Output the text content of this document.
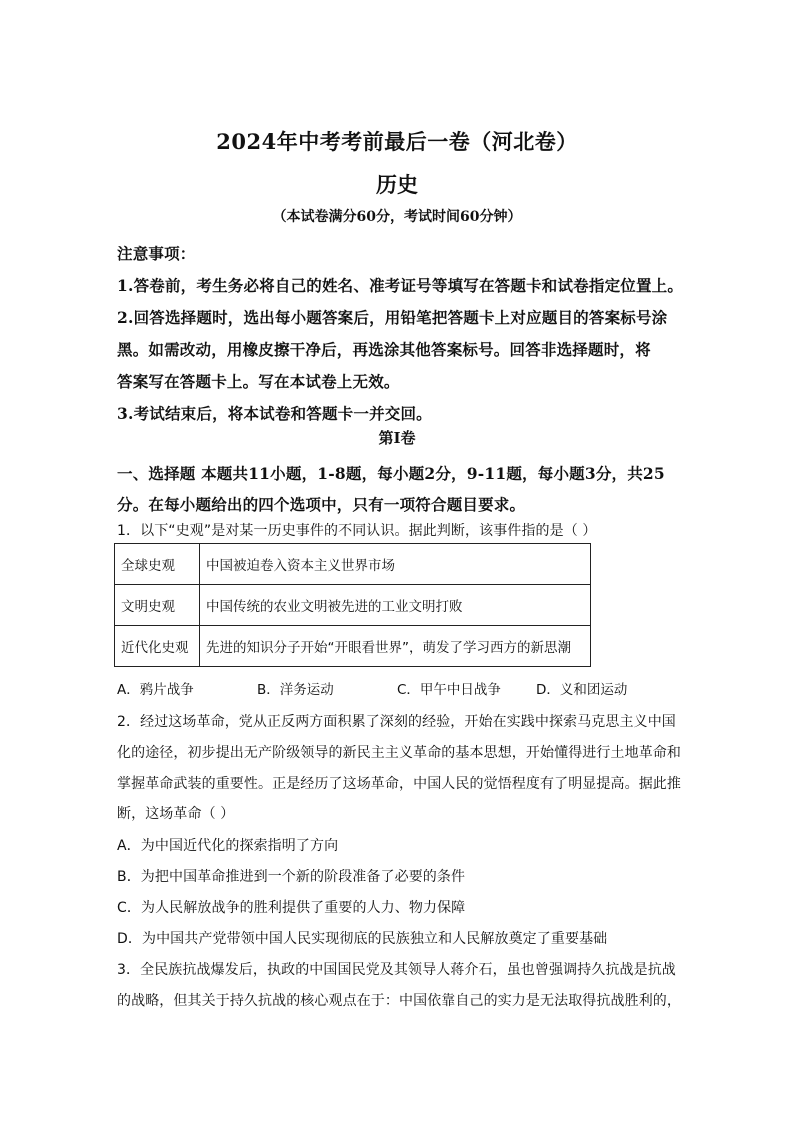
2024年中考考前最后一卷（河北卷）
历史
（本试卷满分60分，考试时间60分钟）
注意事项：
1.答卷前，考生务必将自己的姓名、准考证号等填写在答题卡和试卷指定位置上。
2.回答选择题时，选出每小题答案后，用铅笔把答题卡上对应题目的答案标号涂
黑。如需改动，用橡皮擦干净后，再选涂其他答案标号。回答非选择题时，将
答案写在答题卡上。写在本试卷上无效。
3.考试结束后，将本试卷和答题卡一并交回。
第Ⅰ卷
一、选择题 本题共11小题，1-8题，每小题2分，9-11题，每小题3分，共25
分。在每小题给出的四个选项中，只有一项符合题目要求。
1．以下“史观”是对某一历史事件的不同认识。据此判断，该事件指的是（ ）
全球史观	中国被迫卷入资本主义世界市场
文明史观	中国传统的农业文明被先进的工业文明打败
近代化史观	先进的知识分子开始“开眼看世界”，萌发了学习西方的新思潮
A．鸦片战争	B．洋务运动	C．甲午中日战争	D．义和团运动
2．经过这场革命，党从正反两方面积累了深刻的经验，开始在实践中探索马克思主义中国
化的途径，初步提出无产阶级领导的新民主主义革命的基本思想，开始懂得进行土地革命和
掌握革命武装的重要性。正是经历了这场革命，中国人民的觉悟程度有了明显提高。据此推
断，这场革命（ ）
A．为中国近代化的探索指明了方向
B．为把中国革命推进到一个新的阶段准备了必要的条件
C．为人民解放战争的胜利提供了重要的人力、物力保障
D．为中国共产党带领中国人民实现彻底的民族独立和人民解放奠定了重要基础
3．全民族抗战爆发后，执政的中国国民党及其领导人蒋介石，虽也曾强调持久抗战是抗战
的战略，但其关于持久抗战的核心观点在于：中国依靠自己的实力是无法取得抗战胜利的，
